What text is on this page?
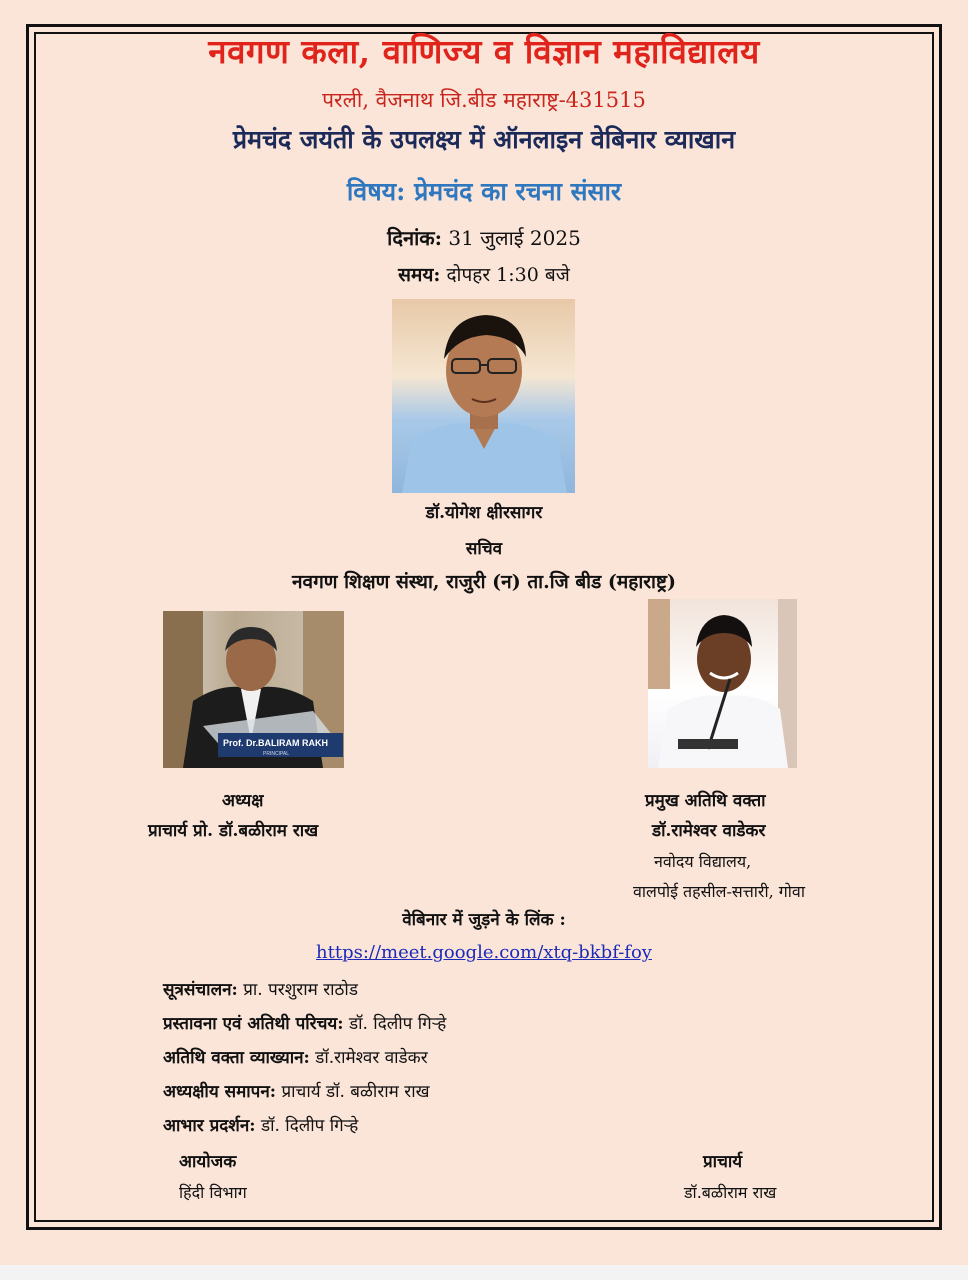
नवगण कला, वाणिज्य व विज्ञान महाविद्यालय
परली, वैजनाथ जि.बीड महाराष्ट्र-431515
प्रेमचंद जयंती के उपलक्ष्य में ऑनलाइन वेबिनार व्याखान
विषय: प्रेमचंद का रचना संसार
दिनांक: 31 जुलाई 2025
समय: दोपहर 1:30 बजे
डॉ.योगेश क्षीरसागर
सचिव
नवगण शिक्षण संस्था, राजुरी (न) ता.जि बीड (महाराष्ट्र)
Prof. Dr.BALIRAM RAKH
PRINCIPAL
अध्यक्ष
प्राचार्य प्रो. डॉ.बळीराम राख
प्रमुख अतिथि वक्ता
डॉ.रामेश्वर वाडेकर
नवोदय विद्यालय,
वालपोई तहसील-सत्तारी, गोवा
वेबिनार में जुड़ने के लिंक :
https://meet.google.com/xtq-bkbf-foy
सूत्रसंचालन: प्रा. परशुराम राठोड
प्रस्तावना एवं अतिथी परिचय: डॉ. दिलीप गिऱ्हे
अतिथि वक्ता व्याख्यान: डॉ.रामेश्वर वाडेकर
अध्यक्षीय समापन: प्राचार्य डॉ. बळीराम राख
आभार प्रदर्शन: डॉ. दिलीप गिऱ्हे
आयोजक
हिंदी विभाग
प्राचार्य
डॉ.बळीराम राख
